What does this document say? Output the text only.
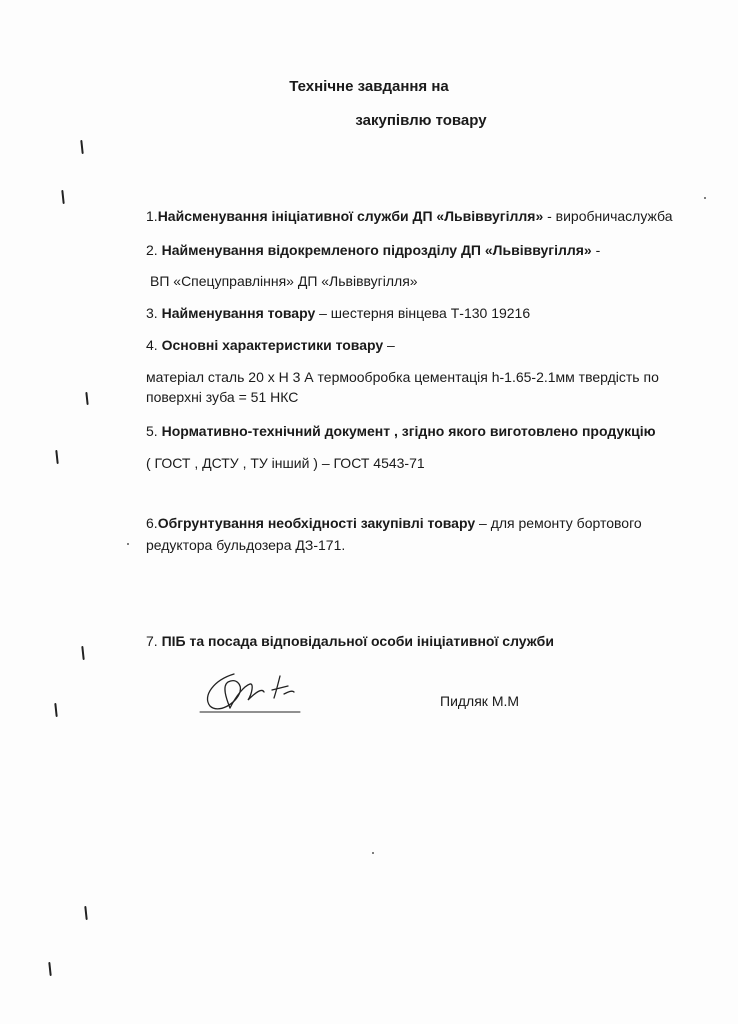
Технічне завдання на
закупівлю товару
1.Найсменування ініціативної служби ДП «Львіввугілля» - виробничаслужба
2. Найменування відокремленого підрозділу ДП «Львіввугілля» -
ВП «Спецуправління» ДП «Львіввугілля»
3. Найменування товару – шестерня вінцева Т-130 19216
4. Основні характеристики товару –
матеріал сталь 20 х Н 3 А термообробка цементація h-1.65-2.1мм твердість по
поверхні зуба = 51 НКС
5. Нормативно-технічний документ , згідно якого виготовлено продукцію
( ГОСТ , ДСТУ , ТУ інший ) – ГОСТ 4543-71
6.Обгрунтування необхідності закупівлі товару – для ремонту бортового
редуктора бульдозера ДЗ-171.
7. ПІБ та посада відповідальної особи ініціативної служби
Пидляк М.М
